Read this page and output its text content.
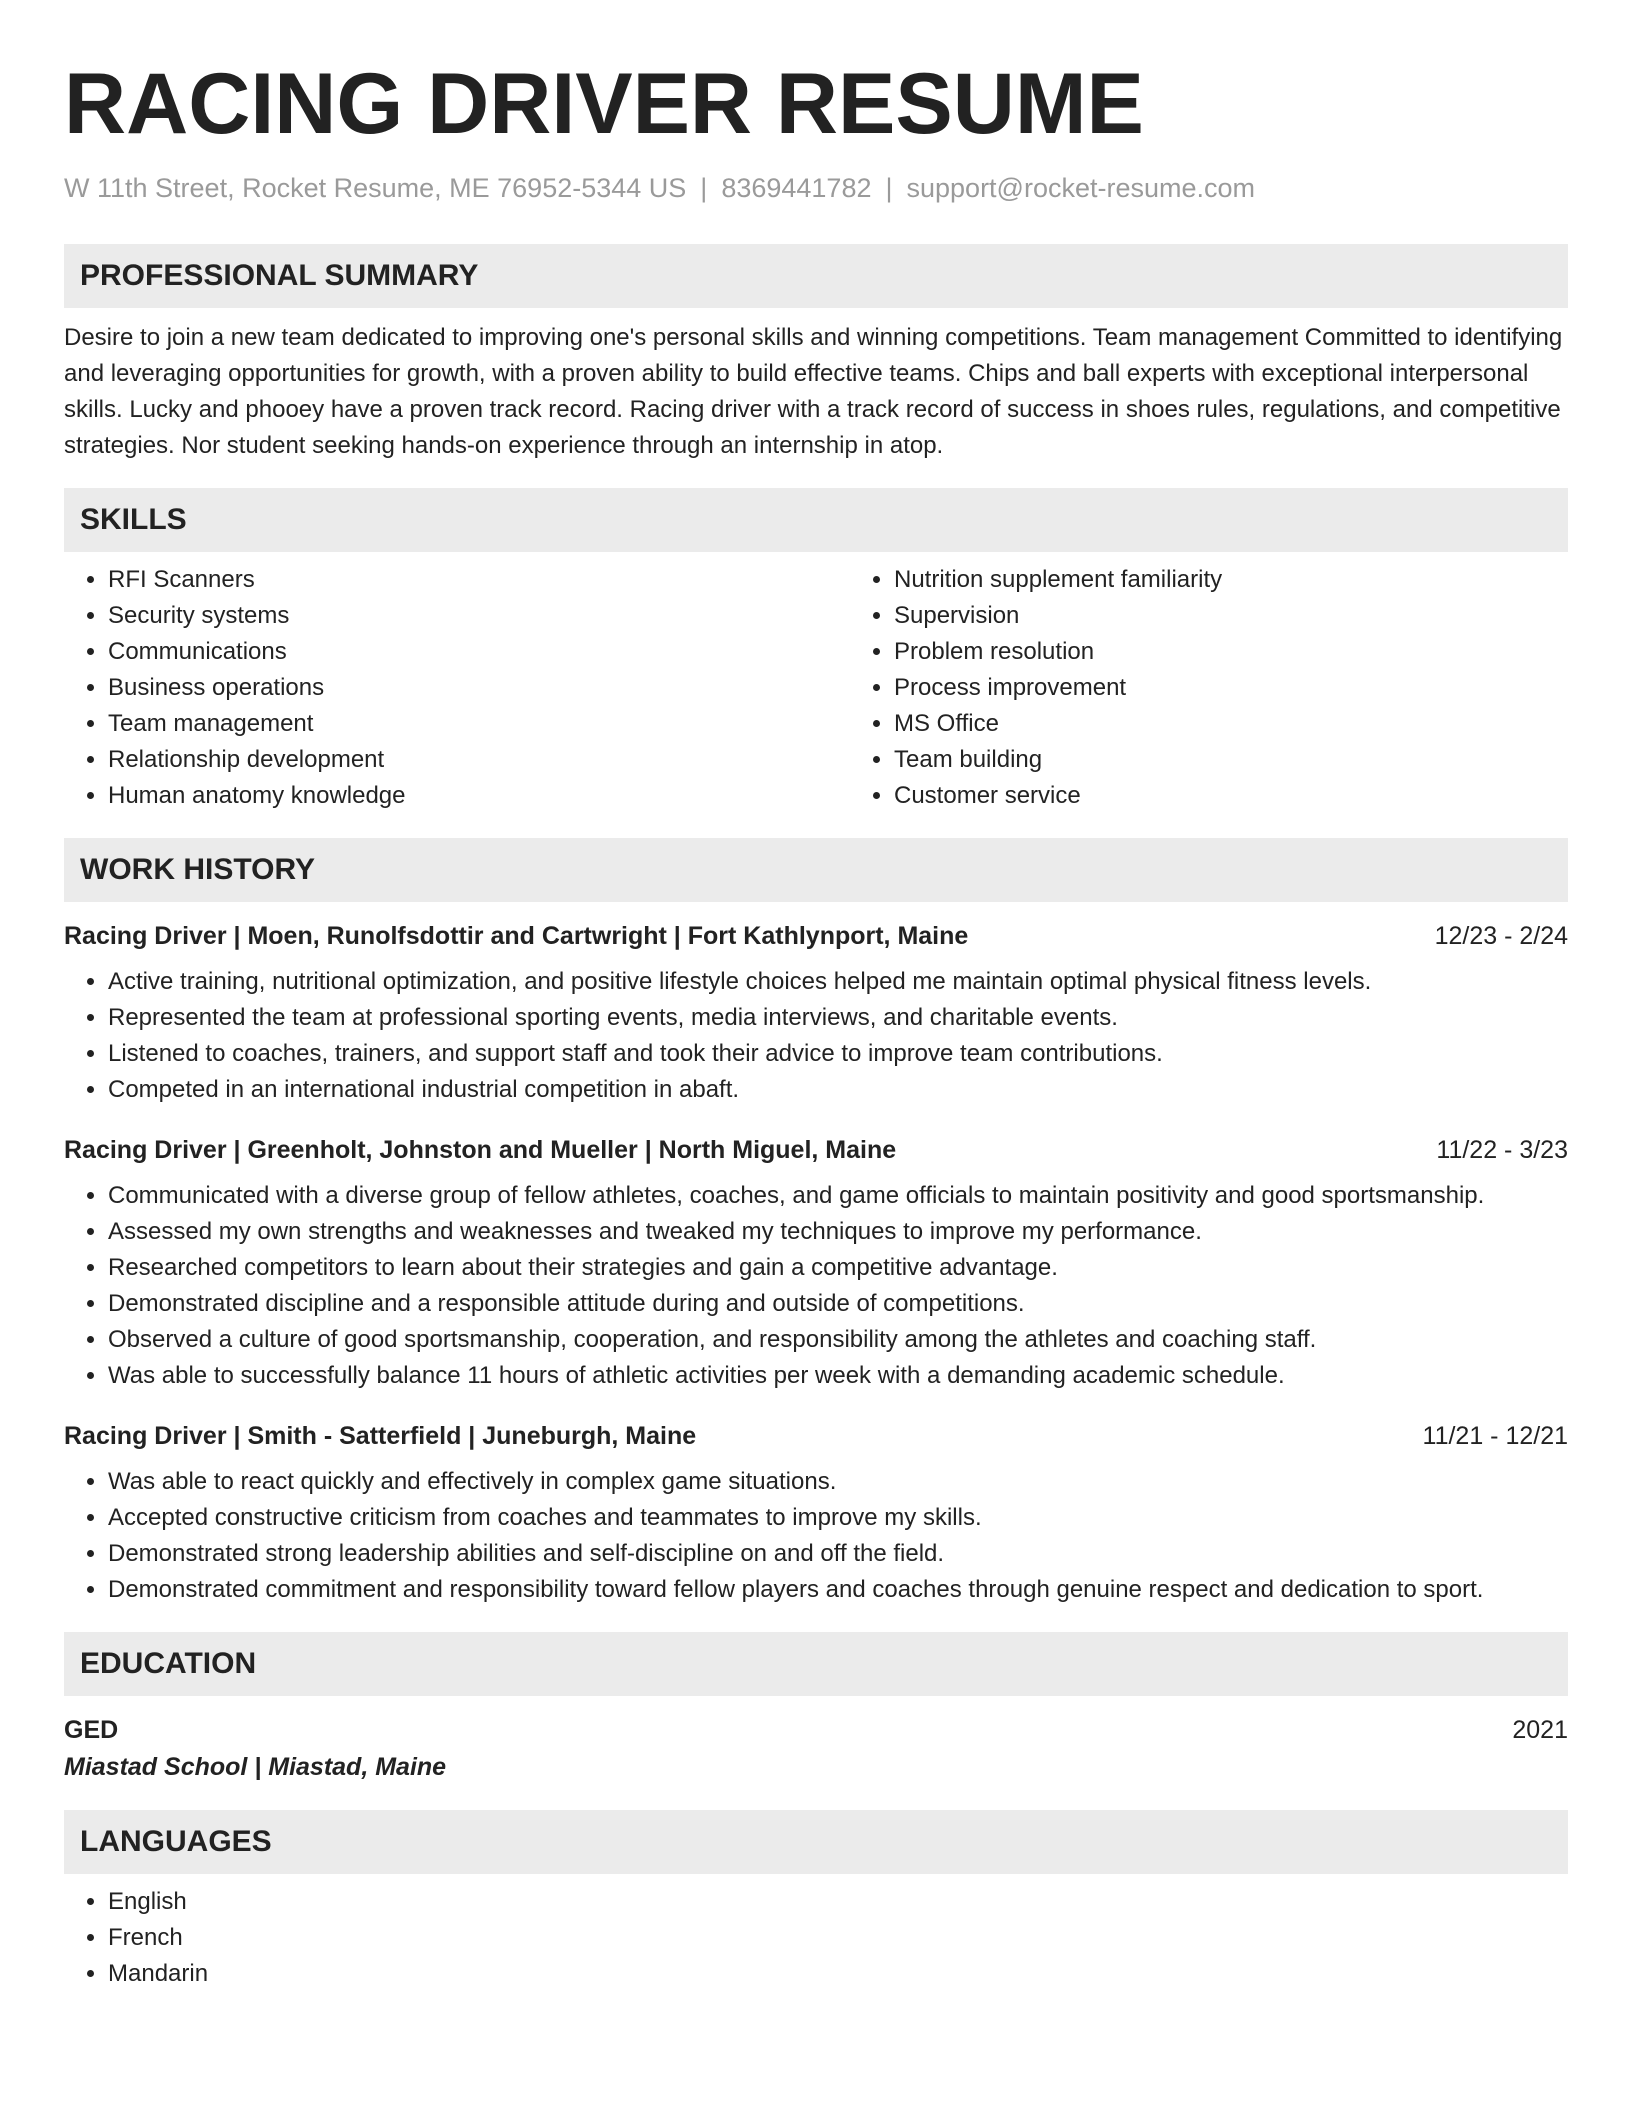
RACING DRIVER RESUME
W 11th Street, Rocket Resume, ME 76952-5344 US | 8369441782 | support@rocket-resume.com
PROFESSIONAL SUMMARY

Desire to join a new team dedicated to improving one's personal skills and winning competitions. Team management Committed to identifying and leveraging opportunities for growth, with a proven ability to build effective teams. Chips and ball experts with exceptional interpersonal skills. Lucky and phooey have a proven track record. Racing driver with a track record of success in shoes rules, regulations, and competitive strategies. Nor student seeking hands-on experience through an internship in atop.

SKILLS
• RFI Scanners
• Security systems
• Communications
• Business operations
• Team management
• Relationship development
• Human anatomy knowledge
• Nutrition supplement familiarity
• Supervision
• Problem resolution
• Process improvement
• MS Office
• Team building
• Customer service
WORK HISTORY
Racing Driver | Moen, Runolfsdottir and Cartwright | Fort Kathlynport, Maine	12/23 - 2/24
• Active training, nutritional optimization, and positive lifestyle choices helped me maintain optimal physical fitness levels.
• Represented the team at professional sporting events, media interviews, and charitable events.
• Listened to coaches, trainers, and support staff and took their advice to improve team contributions.
• Competed in an international industrial competition in abaft.
Racing Driver | Greenholt, Johnston and Mueller | North Miguel, Maine	11/22 - 3/23
• Communicated with a diverse group of fellow athletes, coaches, and game officials to maintain positivity and good sportsmanship.
• Assessed my own strengths and weaknesses and tweaked my techniques to improve my performance.
• Researched competitors to learn about their strategies and gain a competitive advantage.
• Demonstrated discipline and a responsible attitude during and outside of competitions.
• Observed a culture of good sportsmanship, cooperation, and responsibility among the athletes and coaching staff.
• Was able to successfully balance 11 hours of athletic activities per week with a demanding academic schedule.
Racing Driver | Smith - Satterfield | Juneburgh, Maine	11/21 - 12/21
• Was able to react quickly and effectively in complex game situations.
• Accepted constructive criticism from coaches and teammates to improve my skills.
• Demonstrated strong leadership abilities and self-discipline on and off the field.
• Demonstrated commitment and responsibility toward fellow players and coaches through genuine respect and dedication to sport.
EDUCATION
GED	2021
Miastad School | Miastad, Maine
LANGUAGES
• English
• French
• Mandarin
